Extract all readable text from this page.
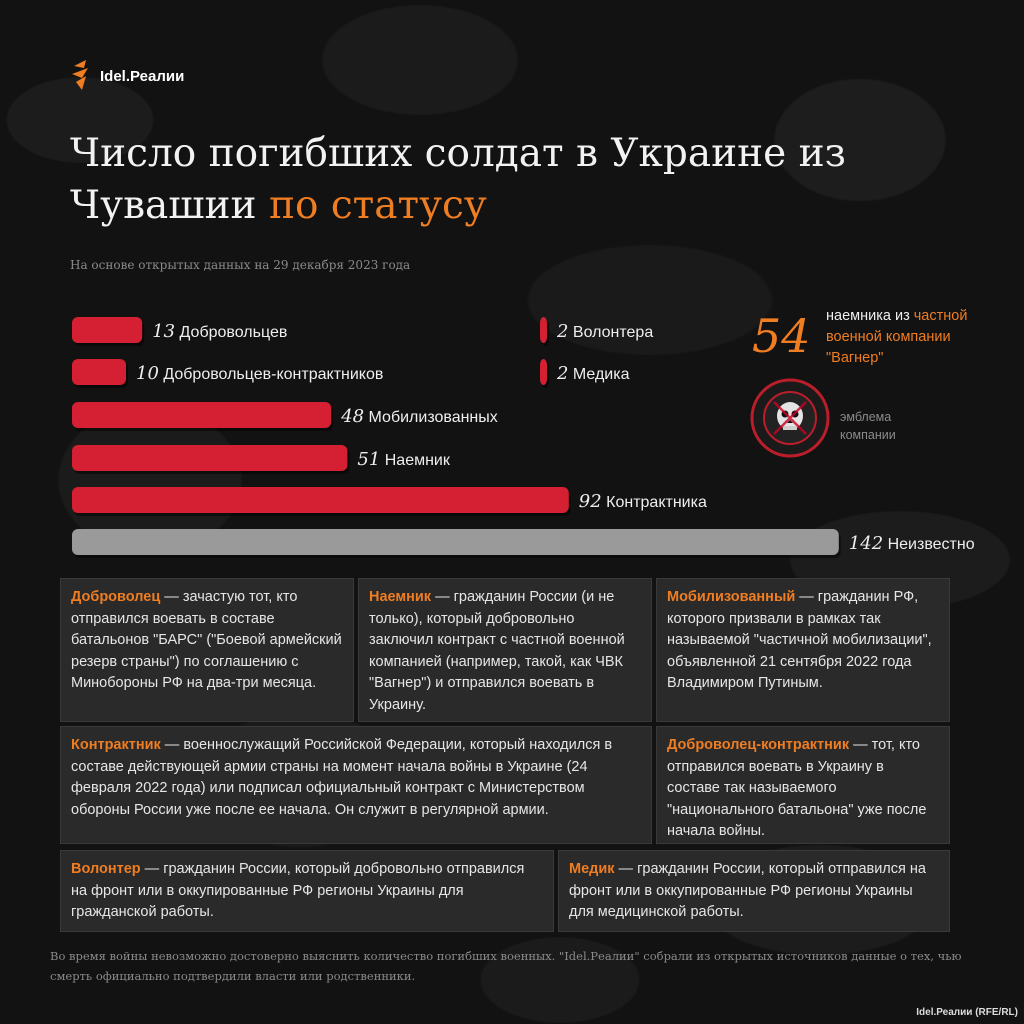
Idel.Реалии
Число погибших солдат в Украине из Чувашии по статусу
На основе открытых данных на 29 декабря 2023 года
13 Добровольцев
10 Добровольцев-контрактников
48 Мобилизованных
51 Наемник
92 Контрактника
142 Неизвестно
2 Волонтера
2 Медика
54 наемника из частной военной компании "Вагнер"
эмблема компании
Доброволец — зачастую тот, кто отправился воевать в составе батальонов "БАРС" ("Боевой армейский резерв страны") по соглашению с Минобороны РФ на два-три месяца.
Наемник — гражданин России (и не только), который добровольно заключил контракт с частной военной компанией (например, такой, как ЧВК "Вагнер") и отправился воевать в Украину.
Мобилизованный — гражданин РФ, которого призвали в рамках так называемой "частичной мобилизации", объявленной 21 сентября 2022 года Владимиром Путиным.
Контрактник — военнослужащий Российской Федерации, который находился в составе действующей армии страны на момент начала войны в Украине (24 февраля 2022 года) или подписал официальный контракт с Министерством обороны России уже после ее начала. Он служит в регулярной армии.
Доброволец-контрактник — тот, кто отправился воевать в Украину в составе так называемого "национального батальона" уже после начала войны.
Волонтер — гражданин России, который добровольно отправился на фронт или в оккупированные РФ регионы Украины для гражданской работы.
Медик — гражданин России, который отправился на фронт или в оккупированные РФ регионы Украины для медицинской работы.
Во время войны невозможно достоверно выяснить количество погибших военных. "Idel.Реалии" собрали из открытых источников данные о тех, чью смерть официально подтвердили власти или родственники.
Idel.Реалии (RFE/RL)
